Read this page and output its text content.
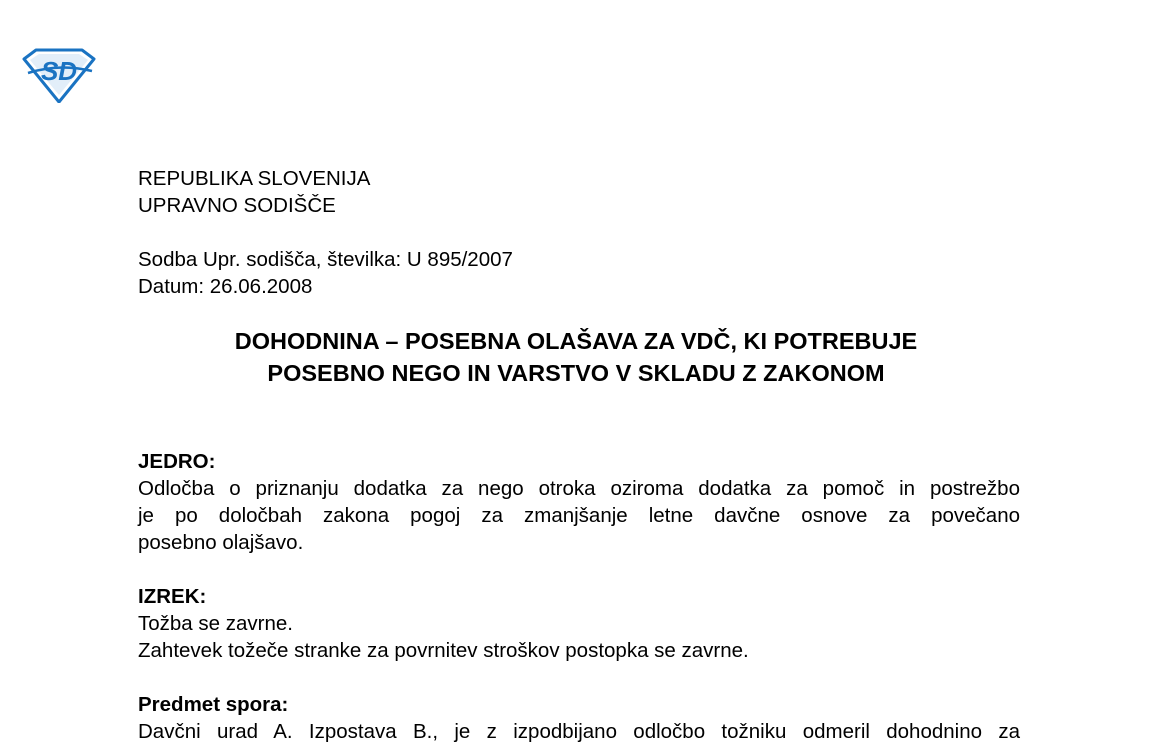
SD
REPUBLIKA SLOVENIJA
UPRAVNO SODIŠČE
Sodba Upr. sodišča, številka: U 895/2007
Datum: 26.06.2008
DOHODNINA – POSEBNA OLAŠAVA ZA VDČ, KI POTREBUJE
POSEBNO NEGO IN VARSTVO V SKLADU Z ZAKONOM
JEDRO:
Odločba o priznanju dodatka za nego otroka oziroma dodatka za pomoč in postrežbo
je po določbah zakona pogoj za zmanjšanje letne davčne osnove za povečano
posebno olajšavo.
IZREK:
Tožba se zavrne.
Zahtevek tožeče stranke za povrnitev stroškov postopka se zavrne.
Predmet spora:
Davčni urad A. Izpostava B., je z izpodbijano odločbo tožniku odmeril dohodnino za
